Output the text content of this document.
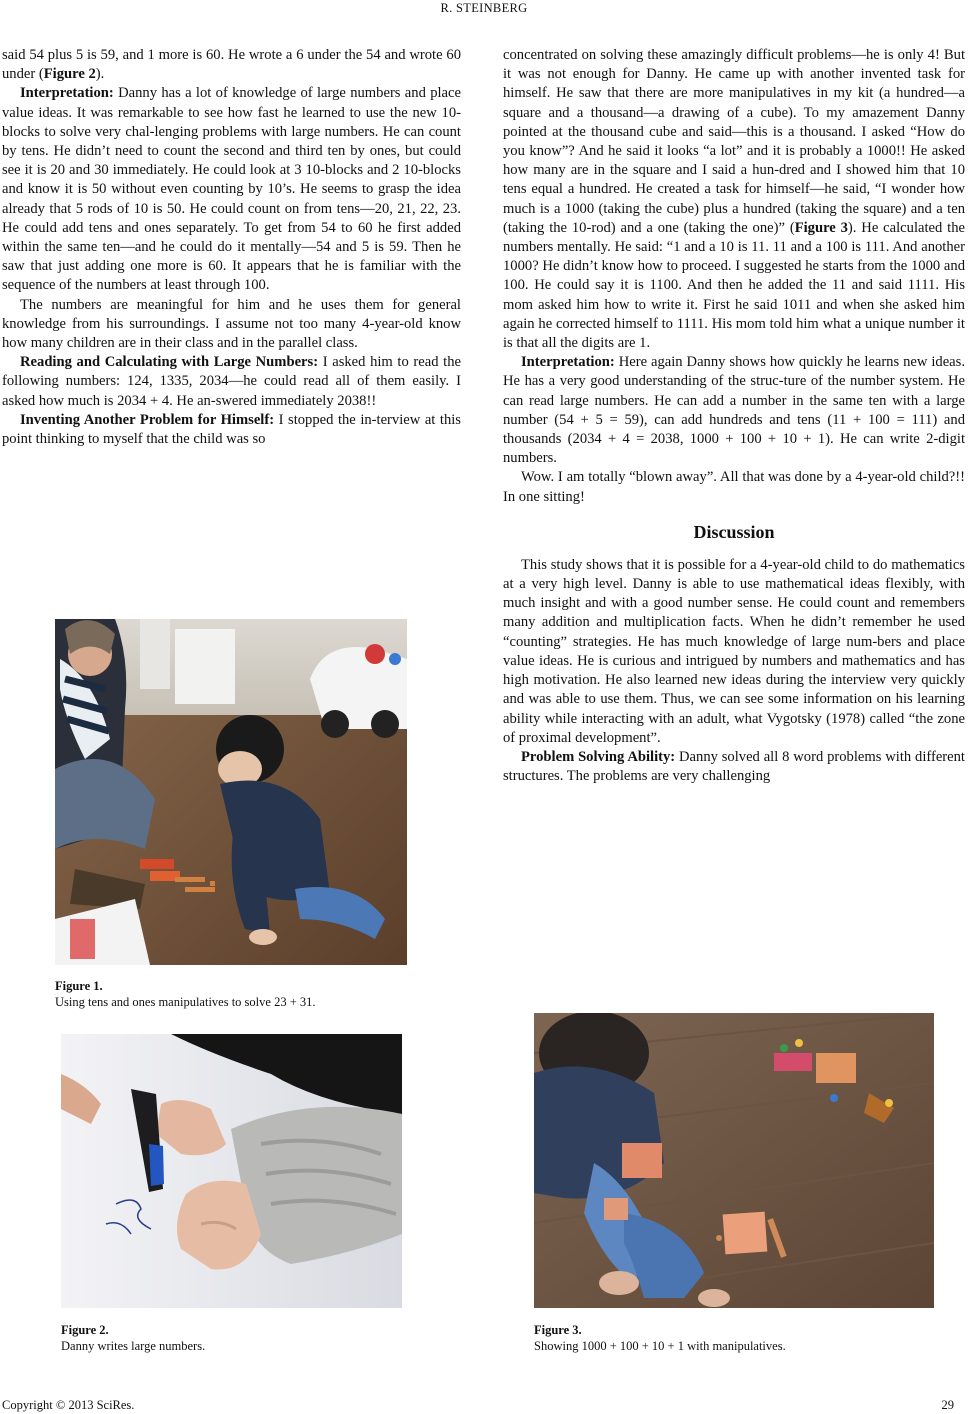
R. STEINBERG

said 54 plus 5 is 59, and 1 more is 60. He wrote a 6 under the 54 and wrote 60 under (Figure 2).

Interpretation: Danny has a lot of knowledge of large numbers and place value ideas. It was remarkable to see how fast he learned to use the new 10-blocks to solve very chal-lenging problems with large numbers. He can count by tens. He didn’t need to count the second and third ten by ones, but could see it is 20 and 30 immediately. He could look at 3 10-blocks and 2 10-blocks and know it is 50 without even counting by 10’s. He seems to grasp the idea already that 5 rods of 10 is 50. He could count on from tens—20, 21, 22, 23. He could add tens and ones separately. To get from 54 to 60 he first added within the same ten—and he could do it mentally—54 and 5 is 59. Then he saw that just adding one more is 60. It appears that he is familiar with the sequence of the numbers at least through 100.

The numbers are meaningful for him and he uses them for general knowledge from his surroundings. I assume not too many 4-year-old know how many children are in their class and in the parallel class.

Reading and Calculating with Large Numbers: I asked him to read the following numbers: 124, 1335, 2034—he could read all of them easily. I asked how much is 2034 + 4. He an-swered immediately 2038!!

Inventing Another Problem for Himself: I stopped the in-terview at this point thinking to myself that the child was so

concentrated on solving these amazingly difficult problems—he is only 4! But it was not enough for Danny. He came up with another invented task for himself. He saw that there are more manipulatives in my kit (a hundred—a square and a thousand—a drawing of a cube). To my amazement Danny pointed at the thousand cube and said—this is a thousand. I asked “How do you know”? And he said it looks “a lot” and it is probably a 1000!! He asked how many are in the square and I said a hun-dred and I showed him that 10 tens equal a hundred. He created a task for himself—he said, “I wonder how much is a 1000 (taking the cube) plus a hundred (taking the square) and a ten (taking the 10-rod) and a one (taking the one)” (Figure 3). He calculated the numbers mentally. He said: “1 and a 10 is 11. 11 and a 100 is 111. And another 1000? He didn’t know how to proceed. I suggested he starts from the 1000 and 100. He could say it is 1100. And then he added the 11 and said 1111. His mom asked him how to write it. First he said 1011 and when she asked him again he corrected himself to 1111. His mom told him what a unique number it is that all the digits are 1.

Interpretation: Here again Danny shows how quickly he learns new ideas. He has a very good understanding of the struc-ture of the number system. He can read large numbers. He can add a number in the same ten with a large number (54 + 5 = 59), can add hundreds and tens (11 + 100 = 111) and thousands (2034 + 4 = 2038, 1000 + 100 + 10 + 1). He can write 2-digit numbers.

Wow. I am totally “blown away”. All that was done by a 4-year-old child?!! In one sitting!

Discussion

This study shows that it is possible for a 4-year-old child to do mathematics at a very high level. Danny is able to use mathematical ideas flexibly, with much insight and with a good number sense. He could count and remembers many addition and multiplication facts. When he didn’t remember he used “counting” strategies. He has much knowledge of large num-bers and place value ideas. He is curious and intrigued by numbers and mathematics and has high motivation. He also learned new ideas during the interview very quickly and was able to use them. Thus, we can see some information on his learning ability while interacting with an adult, what Vygotsky (1978) called “the zone of proximal development”.

Problem Solving Ability: Danny solved all 8 word problems with different structures. The problems are very challenging

Figure 1.
Using tens and ones manipulatives to solve 23 + 31.
Figure 2.
Danny writes large numbers.
Figure 3.
Showing 1000 + 100 + 10 + 1 with manipulatives.
Copyright © 2013 SciRes.	29
